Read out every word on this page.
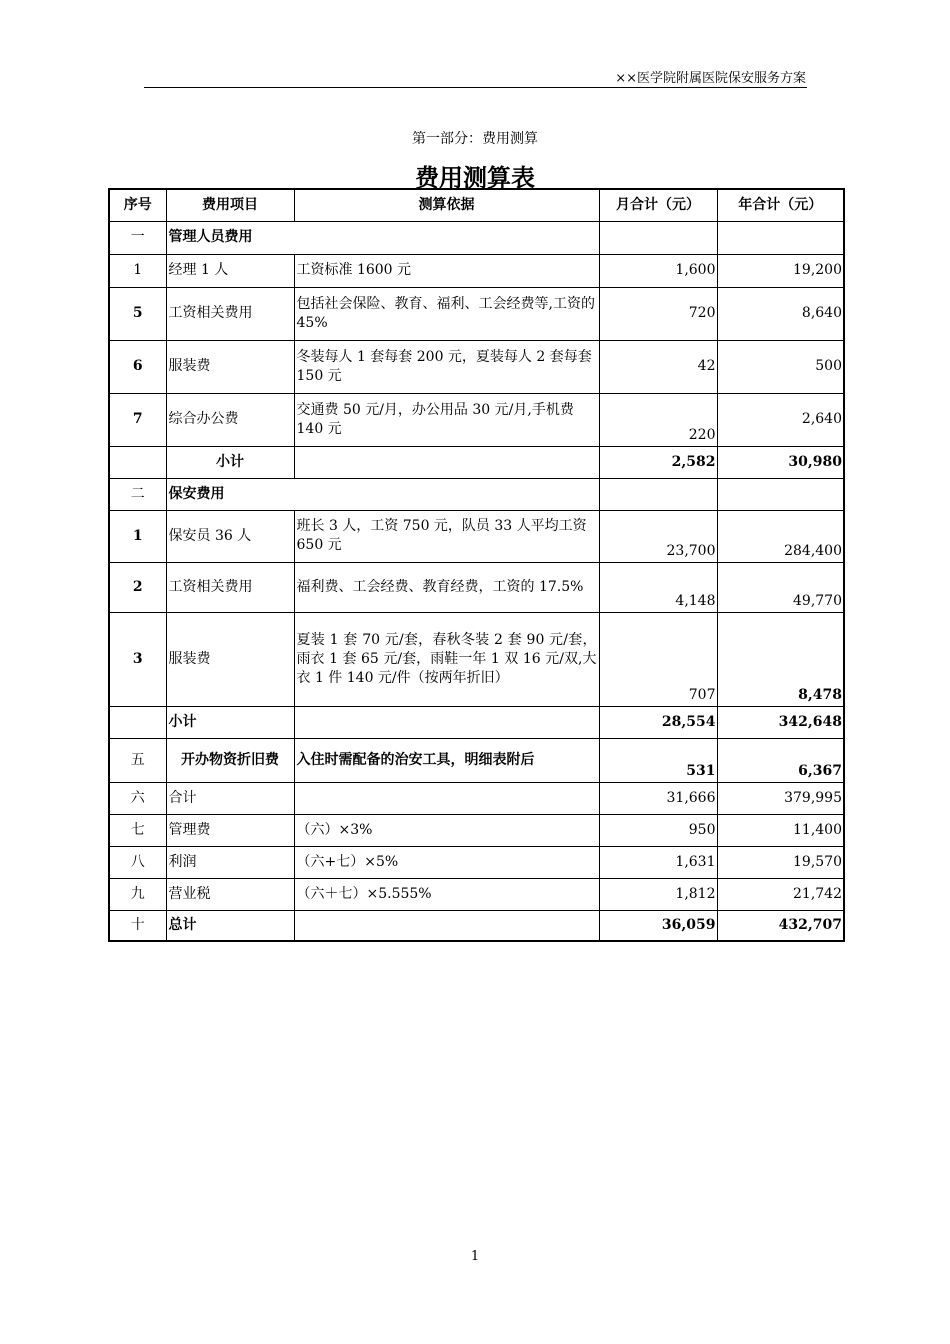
××医学院附属医院保安服务方案
第一部分：费用测算
费用测算表
序号	费用项目	测算依据	月合计（元）	年合计（元）
一	管理人员费用			
1	经理 1 人	工资标准 1600 元	1,600	19,200
5	工资相关费用	包括社会保险、教育、福利、工会经费等,工资的 45%	720	8,640
6	服装费	冬装每人 1 套每套 200 元，夏装每人 2 套每套 150 元	42	500
7	综合办公费	交通费 50 元/月，办公用品 30 元/月,手机费 140 元	220	2,640
	小计		2,582	30,980
二	保安费用			
1	保安员 36 人	班长 3 人，工资 750 元，队员 33 人平均工资 650 元	23,700	284,400
2	工资相关费用	福利费、工会经费、教育经费，工资的 17.5%	4,148	49,770
3	服装费	夏装 1 套 70 元/套，春秋冬装 2 套 90 元/套，雨衣 1 套 65 元/套，雨鞋一年 1 双 16 元/双,大衣 1 件 140 元/件（按两年折旧）	707	8,478
	小计		28,554	342,648
五	开办物资折旧费	入住时需配备的治安工具，明细表附后	531	6,367
六	合计		31,666	379,995
七	管理费	（六）×3%	950	11,400
八	利润	（六+七）×5%	1,631	19,570
九	营业税	（六＋七）×5.555%	1,812	21,742
十	总计		36,059	432,707
1
